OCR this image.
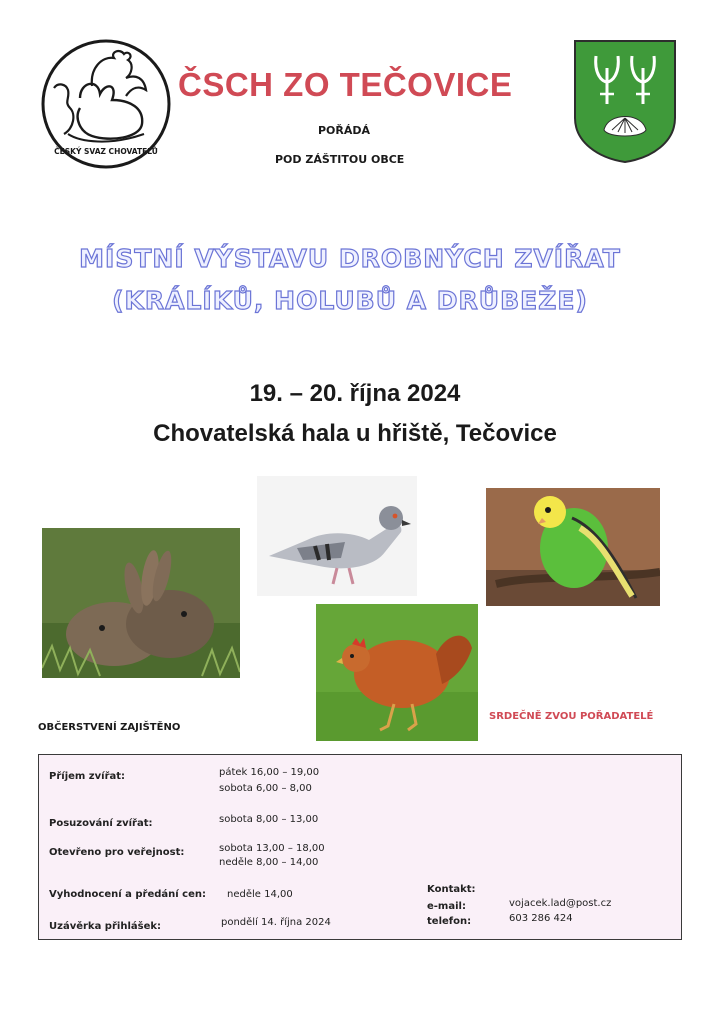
ČESKÝ SVAZ CHOVATELŮ
ČSCH ZO TEČOVICE
POŘÁDÁ
POD ZÁŠTITOU OBCE
MÍSTNÍ VÝSTAVU DROBNÝCH ZVÍŘAT
(KRÁLÍKŮ, HOLUBŮ A DRŮBEŽE)
19. – 20. října 2024
Chovatelská hala u hřiště, Tečovice
OBČERSTVENÍ ZAJIŠTĚNO
SRDEČNĚ ZVOU POŘADATELÉ
Příjem zvířat:	pátek 16,00 – 19,00
sobota 6,00 – 8,00
Posuzování zvířat:	sobota 8,00 – 13,00
Otevřeno pro veřejnost:	sobota 13,00 – 18,00
neděle 8,00 – 14,00
Vyhodnocení a předání cen: neděle 14,00
Uzávěrka přihlášek:	pondělí 14. října 2024
Kontakt:
e-mail:	vojacek.lad@post.cz
telefon:	603 286 424
